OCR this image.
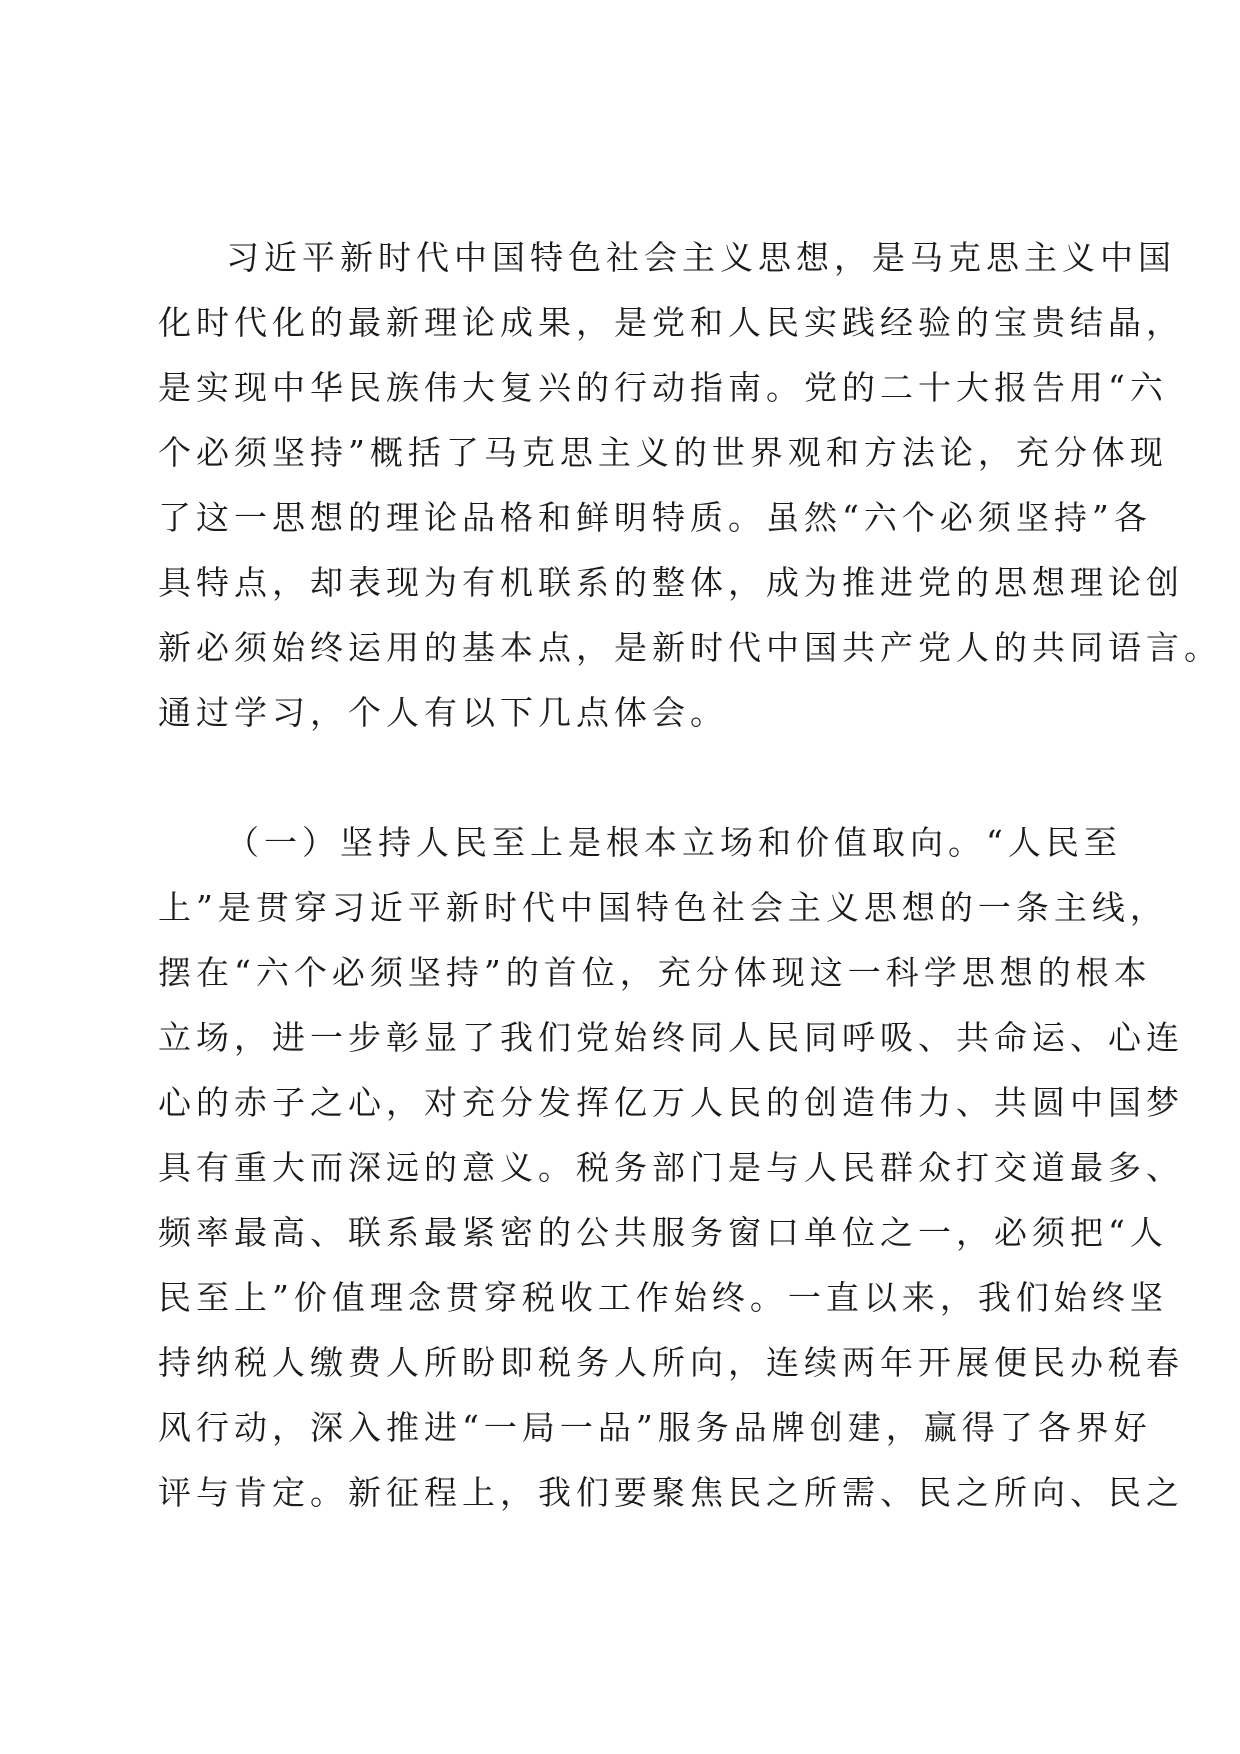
习近平新时代中国特色社会主义思想，是马克思主义中国
化时代化的最新理论成果，是党和人民实践经验的宝贵结晶，
是实现中华民族伟大复兴的行动指南。党的二十大报告用“六
个必须坚持”概括了马克思主义的世界观和方法论，充分体现
了这一思想的理论品格和鲜明特质。虽然“六个必须坚持”各
具特点，却表现为有机联系的整体，成为推进党的思想理论创
新必须始终运用的基本点，是新时代中国共产党人的共同语言。
通过学习，个人有以下几点体会。
（一）坚持人民至上是根本立场和价值取向。“人民至
上”是贯穿习近平新时代中国特色社会主义思想的一条主线，
摆在“六个必须坚持”的首位，充分体现这一科学思想的根本
立场，进一步彰显了我们党始终同人民同呼吸、共命运、心连
心的赤子之心，对充分发挥亿万人民的创造伟力、共圆中国梦
具有重大而深远的意义。税务部门是与人民群众打交道最多、
频率最高、联系最紧密的公共服务窗口单位之一，必须把“人
民至上”价值理念贯穿税收工作始终。一直以来，我们始终坚
持纳税人缴费人所盼即税务人所向，连续两年开展便民办税春
风行动，深入推进“一局一品”服务品牌创建，赢得了各界好
评与肯定。新征程上，我们要聚焦民之所需、民之所向、民之
